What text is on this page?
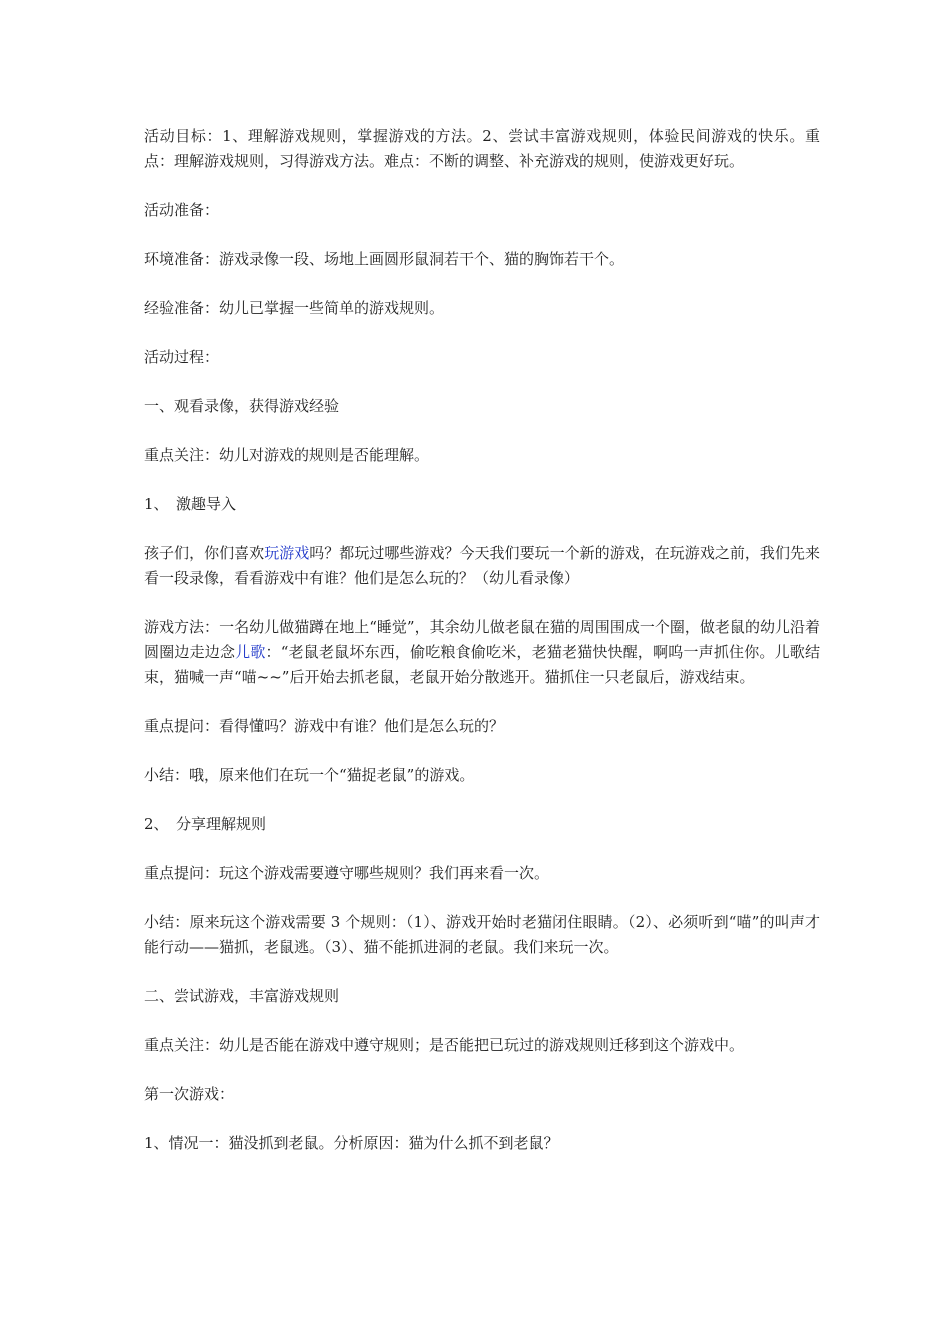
活动目标：1、理解游戏规则，掌握游戏的方法。2、尝试丰富游戏规则，体验民间游戏的快乐。重点：理解游戏规则，习得游戏方法。难点：不断的调整、补充游戏的规则，使游戏更好玩。

活动准备：

环境准备：游戏录像一段、场地上画圆形鼠洞若干个、猫的胸饰若干个。

经验准备：幼儿已掌握一些简单的游戏规则。

活动过程：

一、观看录像，获得游戏经验

重点关注：幼儿对游戏的规则是否能理解。

1、　激趣导入

孩子们，你们喜欢玩游戏吗？都玩过哪些游戏？今天我们要玩一个新的游戏，在玩游戏之前，我们先来看一段录像，看看游戏中有谁？他们是怎么玩的？（幼儿看录像）

游戏方法：一名幼儿做猫蹲在地上“睡觉”，其余幼儿做老鼠在猫的周围围成一个圈，做老鼠的幼儿沿着圆圈边走边念儿歌：“老鼠老鼠坏东西，偷吃粮食偷吃米，老猫老猫快快醒，啊呜一声抓住你。儿歌结束，猫喊一声“喵~~”后开始去抓老鼠，老鼠开始分散逃开。猫抓住一只老鼠后，游戏结束。

重点提问：看得懂吗？游戏中有谁？他们是怎么玩的？

小结：哦，原来他们在玩一个“猫捉老鼠”的游戏。

2、　分享理解规则

重点提问：玩这个游戏需要遵守哪些规则？我们再来看一次。

小结：原来玩这个游戏需要 3 个规则：（1）、游戏开始时老猫闭住眼睛。（2）、必须听到“喵”的叫声才能行动——猫抓，老鼠逃。（3）、猫不能抓进洞的老鼠。我们来玩一次。

二、尝试游戏，丰富游戏规则

重点关注：幼儿是否能在游戏中遵守规则；是否能把已玩过的游戏规则迁移到这个游戏中。

第一次游戏：

1、情况一：猫没抓到老鼠。分析原因：猫为什么抓不到老鼠？
